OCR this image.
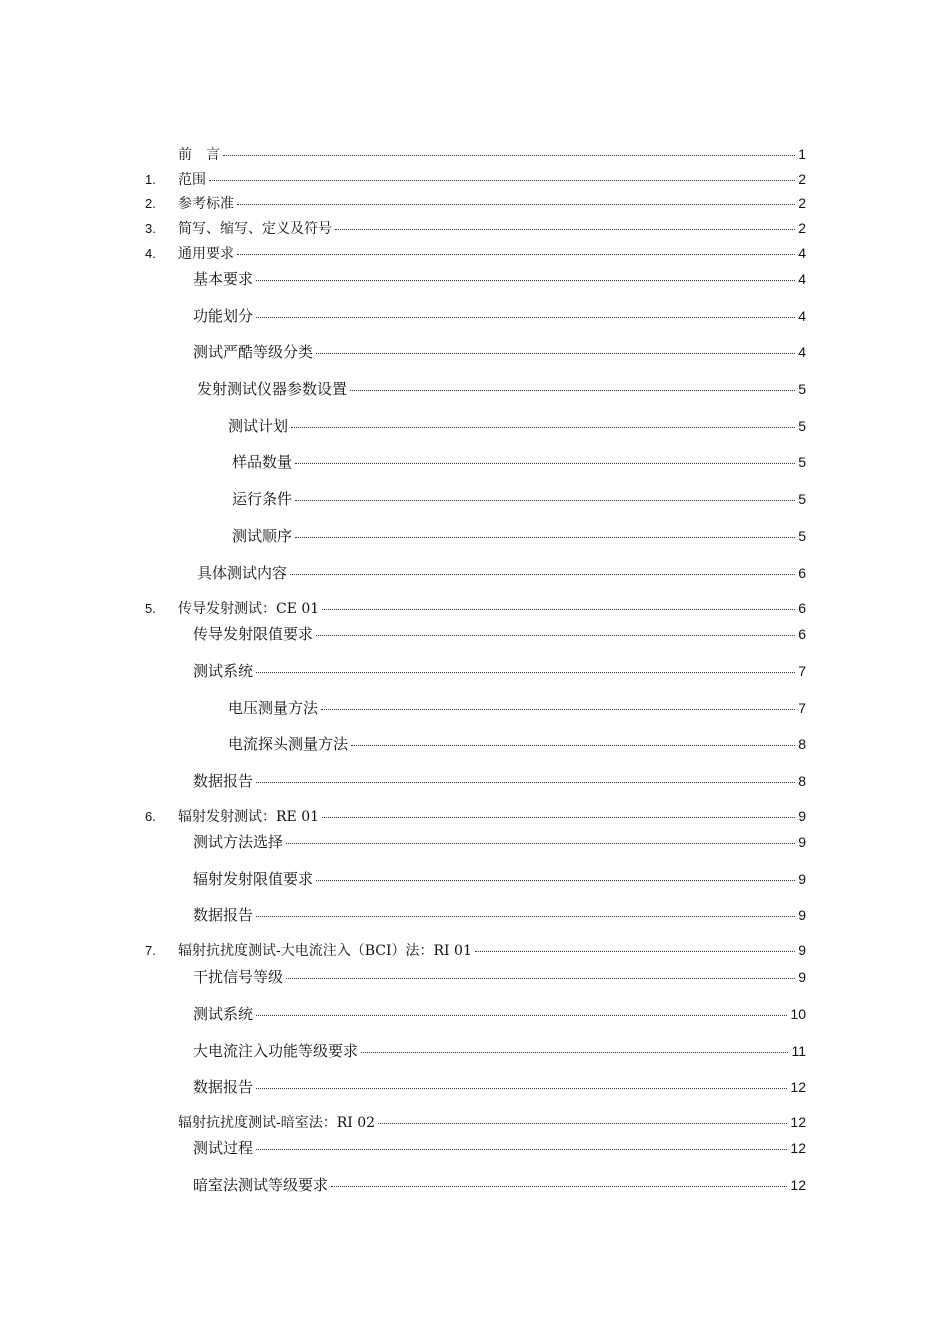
前　言	1
1.	范围	2
2.	参考标准	2
3.	简写、缩写、定义及符号	2
4.	通用要求	4
基本要求	4
功能划分	4
测试严酷等级分类	4
发射测试仪器参数设置	5
测试计划	5
样品数量	5
运行条件	5
测试顺序	5
具体测试内容	6
5.	传导发射测试：CE 01	6
传导发射限值要求	6
测试系统	7
电压测量方法	7
电流探头测量方法	8
数据报告	8
6.	辐射发射测试：RE 01	9
测试方法选择	9
辐射发射限值要求	9
数据报告	9
7.	辐射抗扰度测试-大电流注入（BCI）法：RI 01	9
干扰信号等级	9
测试系统	10
大电流注入功能等级要求	11
数据报告	12
辐射抗扰度测试-暗室法：RI 02	12
测试过程	12
暗室法测试等级要求	12
